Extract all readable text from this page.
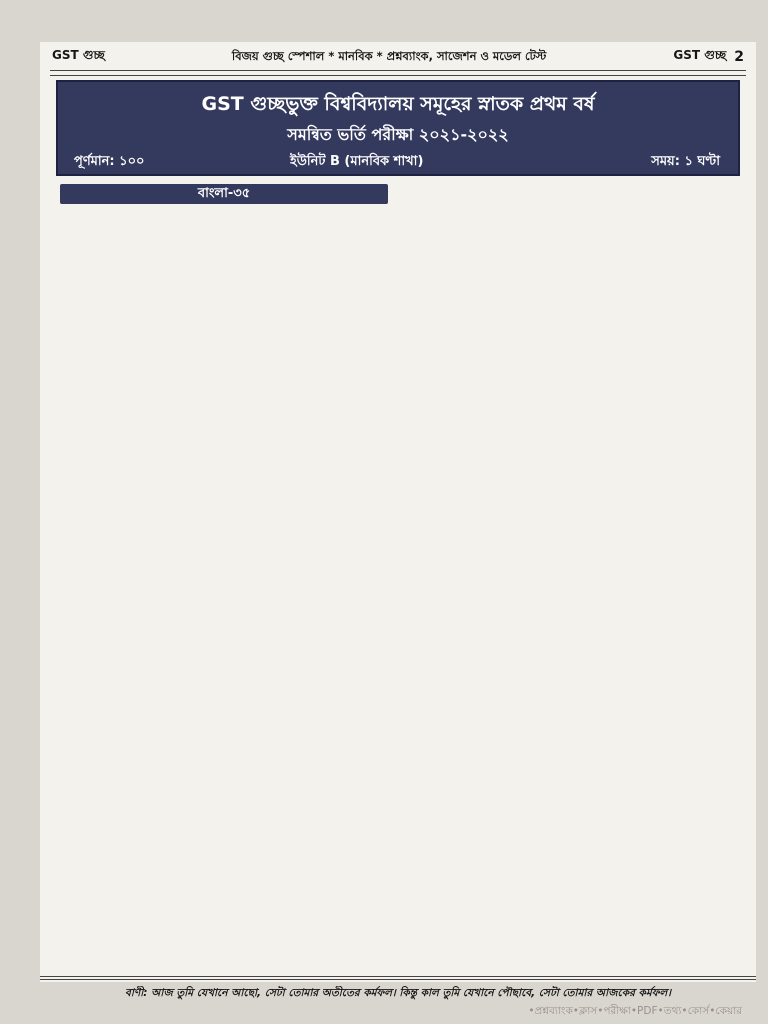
GST গুচ্ছ	বিজয় গুচ্ছ স্পেশাল * মানবিক * প্রশ্নব্যাংক, সাজেশন ও মডেল টেস্ট	GST গুচ্ছ 2
GST গুচ্ছভুক্ত বিশ্ববিদ্যালয় সমূহের স্নাতক প্রথম বর্ষ
সমন্বিত ভর্তি পরীক্ষা ২০২১-২০২২
পূর্ণমান: ১০০	ইউনিট B (মানবিক শাখা)	সময়: ১ ঘণ্টা
বাংলা-৩৫
বাণী: আজ তুমি যেখানে আছো, সেটা তোমার অতীতের কর্মফল। কিন্তু কাল তুমি যেখানে পৌছাবে, সেটা তোমার আজকের কর্মফল।
•প্রশ্নব্যাংক•ক্লাস•পরীক্ষা•PDF•তথ্য•কোর্স•কেয়ার
